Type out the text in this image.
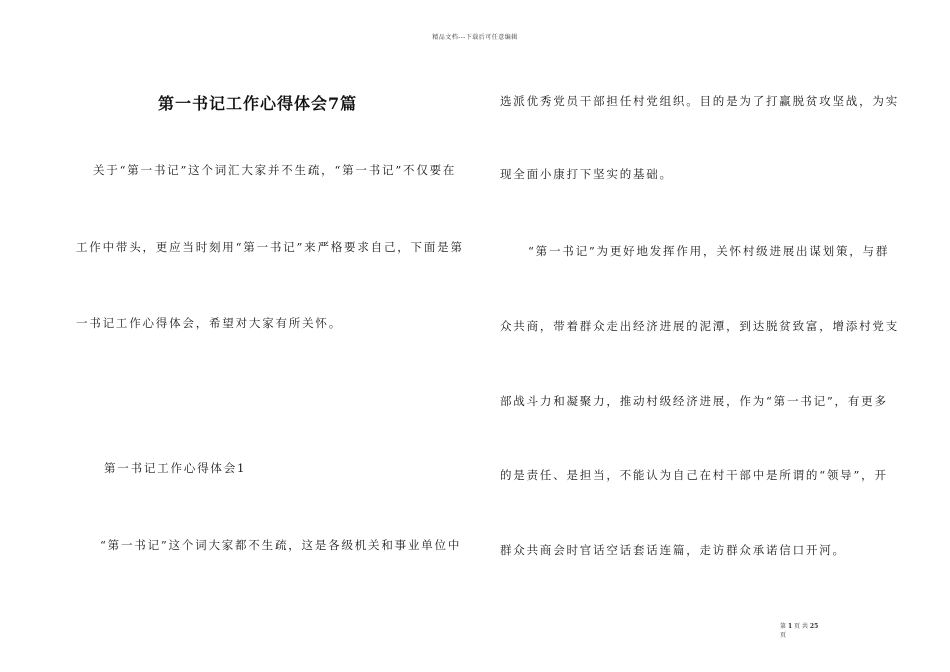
精品文档---下载后可任意编辑
第一书记工作心得体会7篇
关于“第一书记”这个词汇大家并不生疏，“第一书记”不仅要在
工作中带头，更应当时刻用“第一书记”来严格要求自己，下面是第
一书记工作心得体会，希望对大家有所关怀。
第一书记工作心得体会1
“第一书记”这个词大家都不生疏，这是各级机关和事业单位中
选派优秀党员干部担任村党组织。目的是为了打赢脱贫攻坚战，为实
现全面小康打下坚实的基础。
“第一书记”为更好地发挥作用，关怀村级进展出谋划策，与群
众共商，带着群众走出经济进展的泥潭，到达脱贫致富，增添村党支
部战斗力和凝聚力，推动村级经济进展，作为“第一书记”，有更多
的是责任、是担当，不能认为自己在村干部中是所谓的“领导”，开
群众共商会时官话空话套话连篇，走访群众承诺信口开河。
第 1 页 共 25
页
